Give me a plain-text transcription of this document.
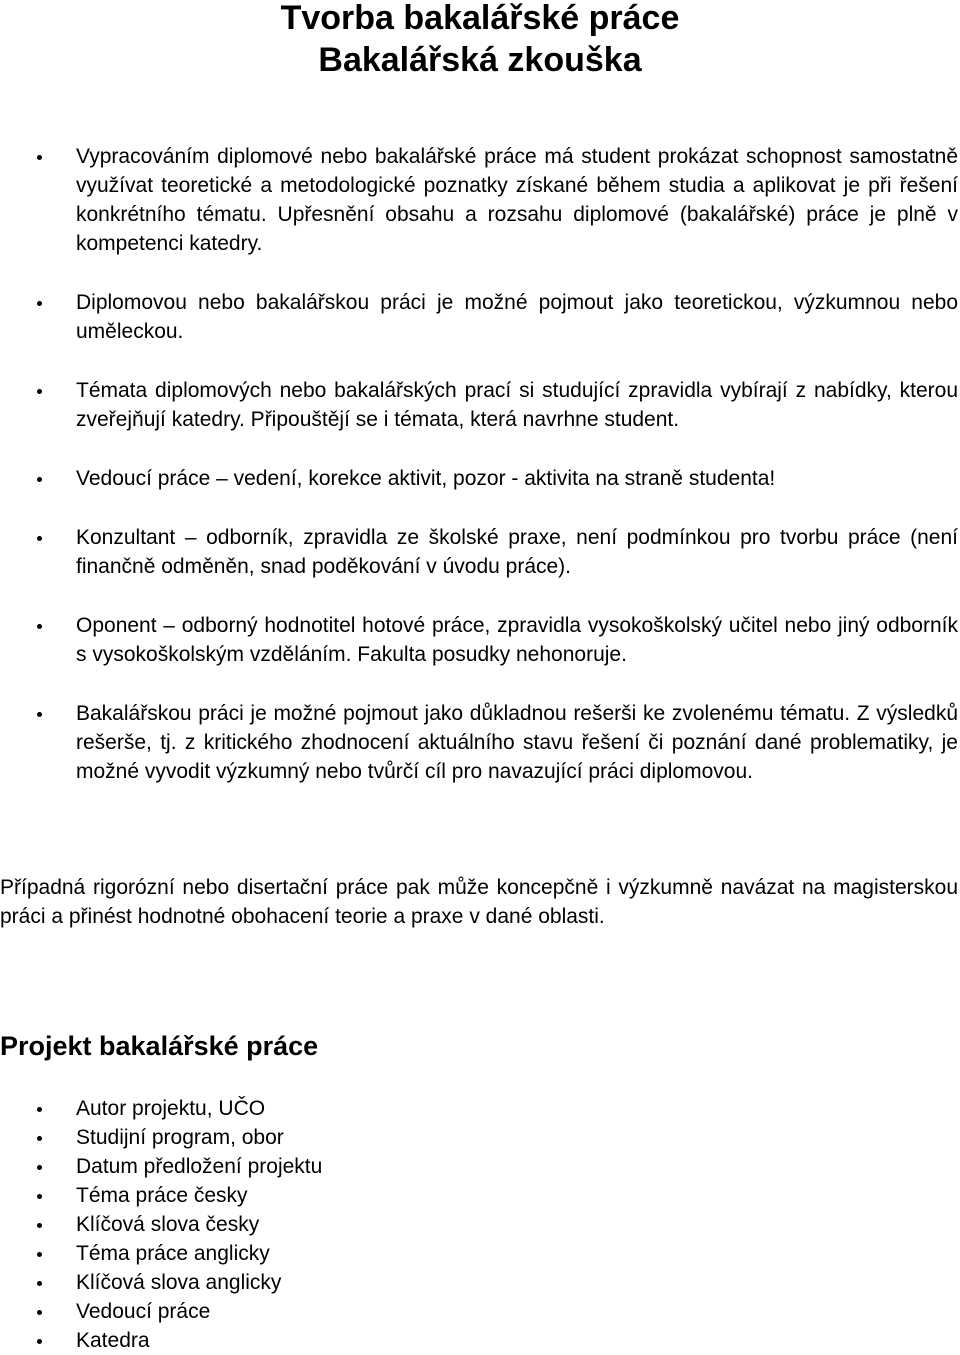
Tvorba bakalářské práce
Bakalářská zkouška
Vypracováním diplomové nebo bakalářské práce má student prokázat schopnost samostatně využívat teoretické a metodologické poznatky získané během studia a aplikovat je při řešení konkrétního tématu. Upřesnění obsahu a rozsahu diplomové (bakalářské) práce je plně v kompetenci katedry.
Diplomovou nebo bakalářskou práci je možné pojmout jako teoretickou, výzkumnou nebo uměleckou.
Témata diplomových nebo bakalářských prací si studující zpravidla vybírají z nabídky, kterou zveřejňují katedry. Připouštějí se i témata, která navrhne student.
Vedoucí práce – vedení, korekce aktivit, pozor - aktivita na straně studenta!
Konzultant – odborník, zpravidla ze školské praxe, není podmínkou pro tvorbu práce (není finančně odměněn, snad poděkování v úvodu práce).
Oponent – odborný hodnotitel hotové práce, zpravidla vysokoškolský učitel nebo jiný odborník s vysokoškolským vzděláním. Fakulta posudky nehonoruje.
Bakalářskou práci je možné pojmout jako důkladnou rešerši ke zvolenému tématu. Z výsledků rešerše, tj. z kritického zhodnocení aktuálního stavu řešení či poznání dané problematiky, je možné vyvodit výzkumný nebo tvůrčí cíl pro navazující práci diplomovou.

Případná rigorózní nebo disertační práce pak může koncepčně i výzkumně navázat na magisterskou práci a přinést hodnotné obohacení teorie a praxe v dané oblasti.

Projekt bakalářské práce
Autor projektu, UČO
Studijní program, obor
Datum předložení projektu
Téma práce česky
Klíčová slova česky
Téma práce anglicky
Klíčová slova anglicky
Vedoucí práce
Katedra
